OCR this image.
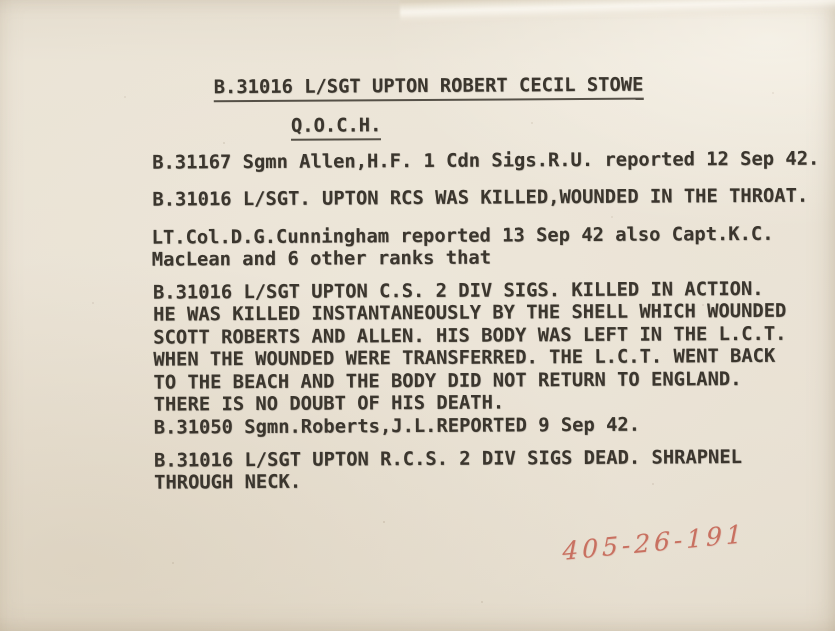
B.31016 L/SGT UPTON ROBERT CECIL STOWE
Q.O.C.H.
B.31167 Sgmn Allen,H.F. 1 Cdn Sigs.R.U. reported 12 Sep 42.
B.31016 L/SGT. UPTON RCS WAS KILLED,WOUNDED IN THE THROAT.
LT.Col.D.G.Cunningham reported 13 Sep 42 also Capt.K.C.
MacLean and 6 other ranks that
B.31016 L/SGT UPTON C.S. 2 DIV SIGS. KILLED IN ACTION.
HE WAS KILLED INSTANTANEOUSLY BY THE SHELL WHICH WOUNDED
SCOTT ROBERTS AND ALLEN. HIS BODY WAS LEFT IN THE L.C.T.
WHEN THE WOUNDED WERE TRANSFERRED. THE L.C.T. WENT BACK
TO THE BEACH AND THE BODY DID NOT RETURN TO ENGLAND.
THERE IS NO DOUBT OF HIS DEATH.
B.31050 Sgmn.Roberts,J.L.REPORTED 9 Sep 42.
B.31016 L/SGT UPTON R.C.S. 2 DIV SIGS DEAD. SHRAPNEL
THROUGH NECK.
405-26-191
